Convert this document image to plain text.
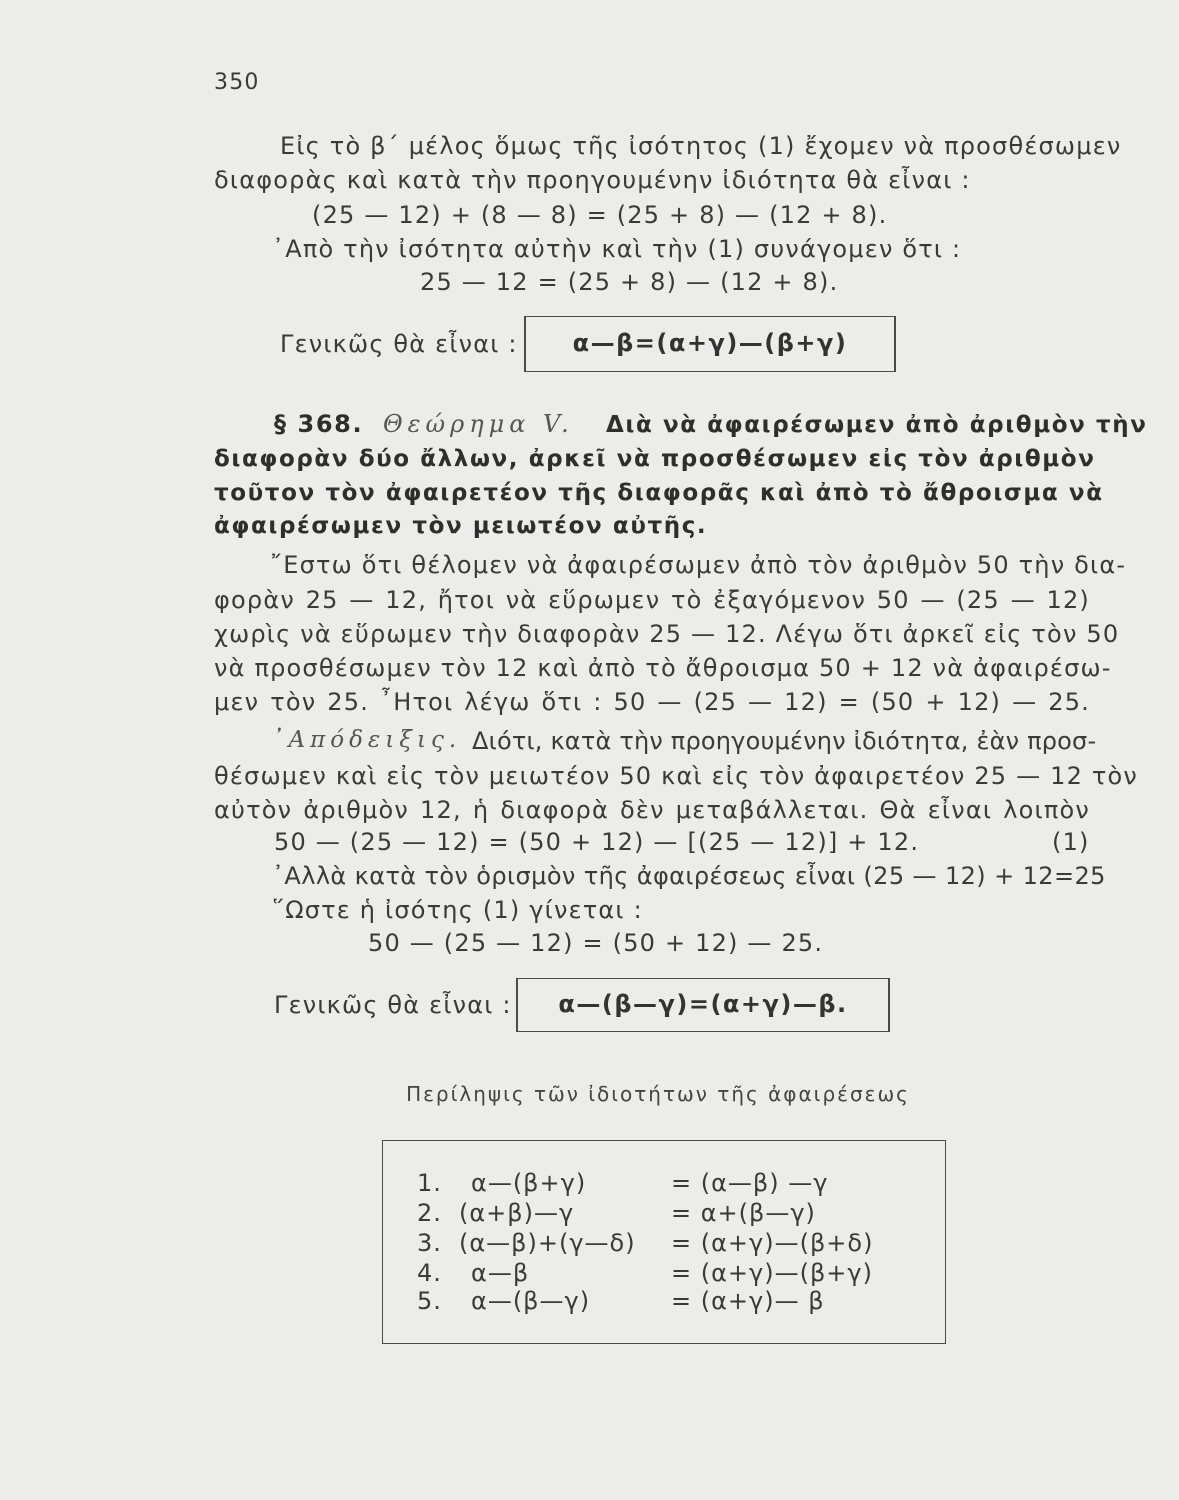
350
Εἰς τὸ β΄ μέλος ὅμως τῆς ἰσότητος (1) ἔχομεν νὰ προσθέσωμεν
διαφορὰς καὶ κατὰ τὴν προηγουμένην ἰδιότητα θὰ εἶναι :
(25 — 12) + (8 — 8) = (25 + 8) — (12 + 8).
᾿Απὸ τὴν ἰσότητα αὐτὴν καὶ τὴν (1) συνάγομεν ὅτι :
25 — 12 = (25 + 8) — (12 + 8).
Γενικῶς θὰ εἶναι :	α—β=(α+γ)—(β+γ)
§ 368. Θεώρημα V. Διὰ νὰ ἀφαιρέσωμεν ἀπὸ ἀριθμὸν τὴν
διαφορὰν δύο ἄλλων, ἀρκεῖ νὰ προσθέσωμεν εἰς τὸν ἀριθμὸν
τοῦτον τὸν ἀφαιρετέον τῆς διαφορᾶς καὶ ἀπὸ τὸ ἄθροισμα νὰ
ἀφαιρέσωμεν τὸν μειωτέον αὐτῆς.
῎Εστω ὅτι θέλομεν νὰ ἀφαιρέσωμεν ἀπὸ τὸν ἀριθμὸν 50 τὴν δια-
φορὰν 25 — 12, ἤτοι νὰ εὕρωμεν τὸ ἐξαγόμενον 50 — (25 — 12)
χωρὶς νὰ εὕρωμεν τὴν διαφορὰν 25 — 12. Λέγω ὅτι ἀρκεῖ εἰς τὸν 50
νὰ προσθέσωμεν τὸν 12 καὶ ἀπὸ τὸ ἄθροισμα 50 + 12 νὰ ἀφαιρέσω-
μεν τὸν 25. ῏Ητοι λέγω ὅτι : 50 — (25 — 12) = (50 + 12) — 25.
᾿Απόδειξις. Διότι, κατὰ τὴν προηγουμένην ἰδιότητα, ἐὰν προσ-
θέσωμεν καὶ εἰς τὸν μειωτέον 50 καὶ εἰς τὸν ἀφαιρετέον 25 — 12 τὸν
αὐτὸν ἀριθμὸν 12, ἡ διαφορὰ δὲν μεταβάλλεται. Θὰ εἶναι λοιπὸν
50 — (25 — 12) = (50 + 12) — [(25 — 12)] + 12.	(1)
᾿Αλλὰ κατὰ τὸν ὁρισμὸν τῆς ἀφαιρέσεως εἶναι (25 — 12) + 12=25
῞Ωστε ἡ ἰσότης (1) γίνεται :
50 — (25 — 12) = (50 + 12) — 25.
Γενικῶς θὰ εἶναι :	α—(β—γ)=(α+γ)—β.
Περίληψις τῶν ἰδιοτήτων τῆς ἀφαιρέσεως
1. α—(β+γ)	= (α—β) —γ
2. (α+β)—γ	= α+(β—γ)
3. (α—β)+(γ—δ) = (α+γ)—(β+δ)
4. α—β	= (α+γ)—(β+γ)
5. α—(β—γ)	= (α+γ)— β
